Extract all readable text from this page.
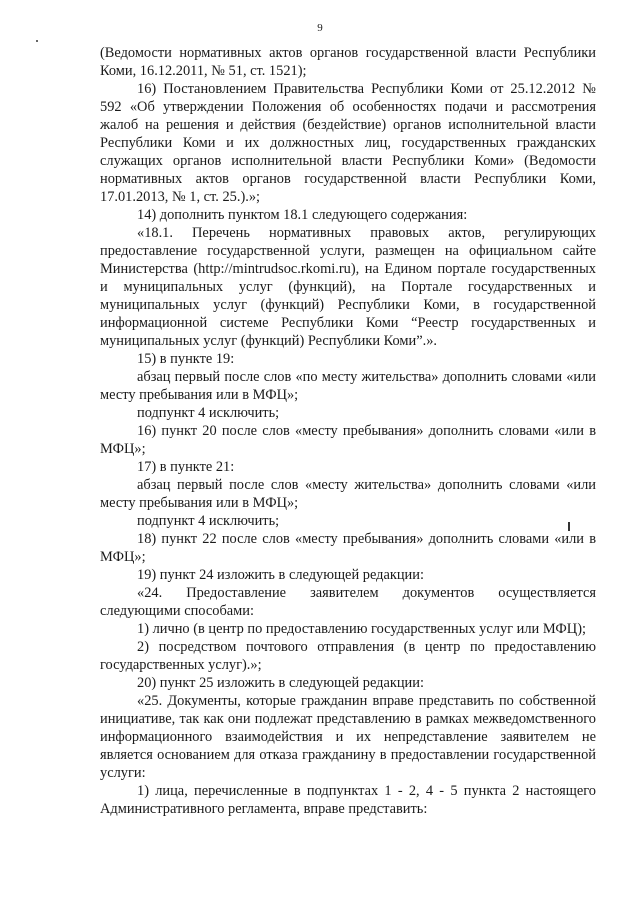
9

(Ведомости нормативных актов органов государственной власти Республики Коми, 16.12.2011, № 51, ст. 1521);

16) Постановлением Правительства Республики Коми от 25.12.2012 № 592 «Об утверждении Положения об особенностях подачи и рассмотрения жалоб на решения и действия (бездействие) органов исполнительной власти Республики Коми и их должностных лиц, государственных гражданских служащих органов исполнительной власти Республики Коми» (Ведомости нормативных актов органов государственной власти Республики Коми, 17.01.2013, № 1, ст. 25.).»;

14) дополнить пунктом 18.1 следующего содержания:

«18.1. Перечень нормативных правовых актов, регулирующих предоставление государственной услуги, размещен на официальном сайте Министерства (http://mintrudsoc.rkomi.ru), на Едином портале государственных и муниципальных услуг (функций), на Портале государственных и муниципальных услуг (функций) Республики Коми, в государственной информационной системе Республики Коми “Реестр государственных и муниципальных услуг (функций) Республики Коми”.».

15) в пункте 19:

абзац первый после слов «по месту жительства» дополнить словами «или месту пребывания или в МФЦ»;

подпункт 4 исключить;

16) пункт 20 после слов «месту пребывания» дополнить словами «или в МФЦ»;

17) в пункте 21:

абзац первый после слов «месту жительства» дополнить словами «или месту пребывания или в МФЦ»;

подпункт 4 исключить;

18) пункт 22 после слов «месту пребывания» дополнить словами «или в МФЦ»;

19) пункт 24 изложить в следующей редакции:

«24. Предоставление заявителем документов осуществляется следующими способами:

1) лично (в центр по предоставлению государственных услуг или МФЦ);

2) посредством почтового отправления (в центр по предоставлению государственных услуг).»;

20) пункт 25 изложить в следующей редакции:

«25. Документы, которые гражданин вправе представить по собственной инициативе, так как они подлежат представлению в рамках межведомственного информационного взаимодействия и их непредставление заявителем не является основанием для отказа гражданину в предоставлении государственной услуги:

1) лица, перечисленные в подпунктах 1 - 2, 4 - 5 пункта 2 настоящего Административного регламента, вправе представить:
